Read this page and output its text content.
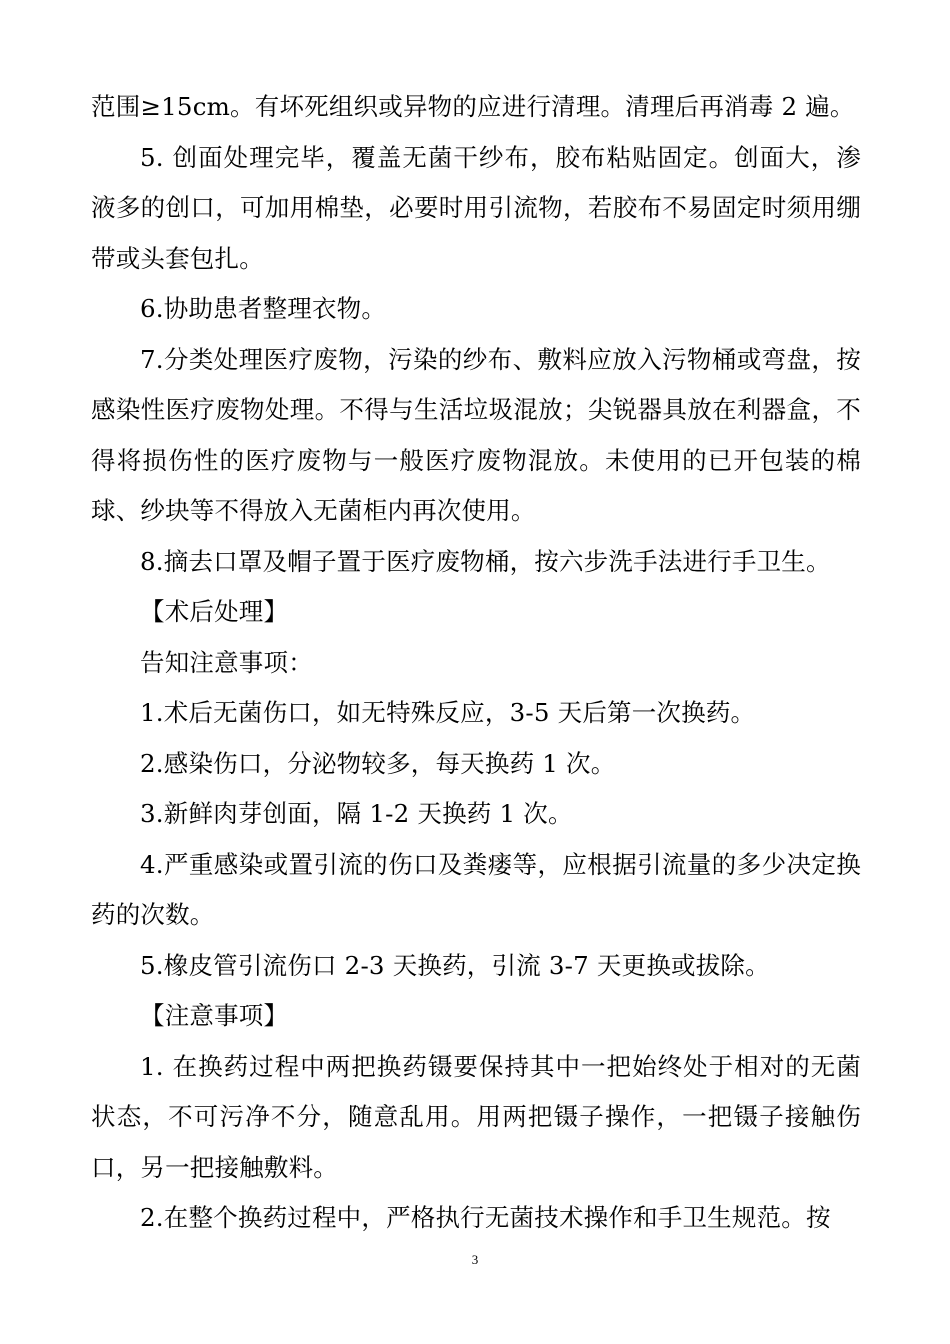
范围≥15cm。有坏死组织或异物的应进行清理。清理后再消毒 2 遍。

5. 创面处理完毕，覆盖无菌干纱布，胶布粘贴固定。创面大，渗液多的创口，可加用棉垫，必要时用引流物，若胶布不易固定时须用绷带或头套包扎。

6.协助患者整理衣物。

7.分类处理医疗废物，污染的纱布、敷料应放入污物桶或弯盘，按感染性医疗废物处理。不得与生活垃圾混放；尖锐器具放在利器盒，不得将损伤性的医疗废物与一般医疗废物混放。未使用的已开包装的棉球、纱块等不得放入无菌柜内再次使用。

8.摘去口罩及帽子置于医疗废物桶，按六步洗手法进行手卫生。

【术后处理】

告知注意事项：

1.术后无菌伤口，如无特殊反应，3-5 天后第一次换药。

2.感染伤口，分泌物较多，每天换药 1 次。

3.新鲜肉芽创面，隔 1-2 天换药 1 次。

4.严重感染或置引流的伤口及粪瘘等，应根据引流量的多少决定换药的次数。

5.橡皮管引流伤口 2-3 天换药，引流 3-7 天更换或拔除。

【注意事项】

1. 在换药过程中两把换药镊要保持其中一把始终处于相对的无菌状态，不可污净不分，随意乱用。用两把镊子操作，一把镊子接触伤口，另一把接触敷料。

2.在整个换药过程中，严格执行无菌技术操作和手卫生规范。按

3
